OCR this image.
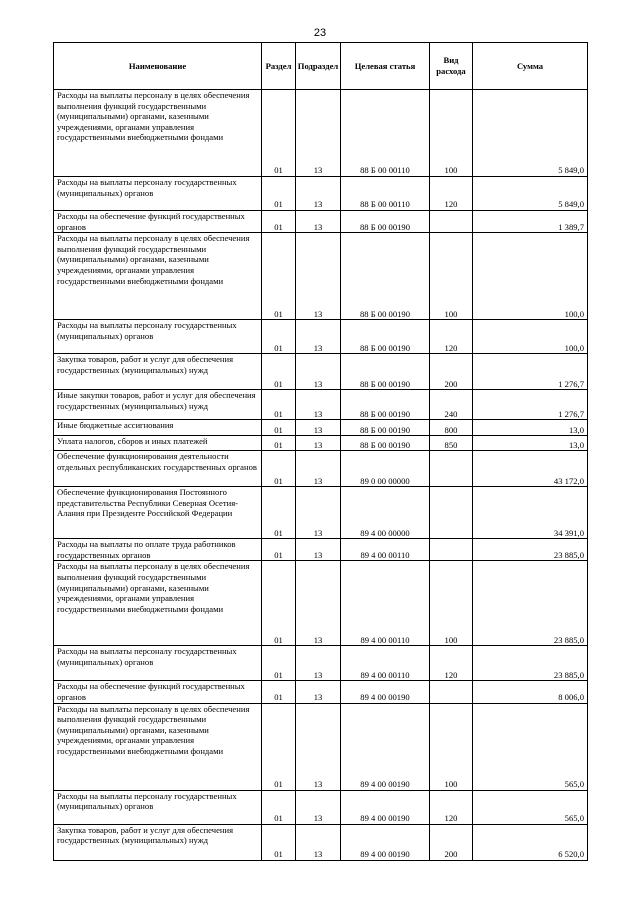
23
Наименование	Раздел	Подраздел	Целевая статья	Вид расхода	Сумма
Расходы на выплаты персоналу в целях обеспечения выполнения функций государственными (муниципальными) органами, казенными учреждениями, органами управления государственными внебюджетными фондами	01	13	88 Б 00 00110	100	5 849,0
Расходы на выплаты персоналу государственных (муниципальных) органов	01	13	88 Б 00 00110	120	5 849,0
Расходы на обеспечение функций государственных органов	01	13	88 Б 00 00190		1 389,7
Расходы на выплаты персоналу в целях обеспечения выполнения функций государственными (муниципальными) органами, казенными учреждениями, органами управления государственными внебюджетными фондами	01	13	88 Б 00 00190	100	100,0
Расходы на выплаты персоналу государственных (муниципальных) органов	01	13	88 Б 00 00190	120	100,0
Закупка товаров, работ и услуг для обеспечения государственных (муниципальных) нужд	01	13	88 Б 00 00190	200	1 276,7
Иные закупки товаров, работ и услуг для обеспечения государственных (муниципальных) нужд	01	13	88 Б 00 00190	240	1 276,7
Иные бюджетные ассигнования	01	13	88 Б 00 00190	800	13,0
Уплата налогов, сборов и иных платежей	01	13	88 Б 00 00190	850	13,0
Обеспечение функционирования деятельности отдельных республиканских государственных органов	01	13	89 0 00 00000		43 172,0
Обеспечение функционирования Постоянного представительства Республики Северная Осетия-Алания при Президенте Российской Федерации	01	13	89 4 00 00000		34 391,0
Расходы на выплаты по оплате труда работников государственных органов	01	13	89 4 00 00110		23 885,0
Расходы на выплаты персоналу в целях обеспечения выполнения функций государственными (муниципальными) органами, казенными учреждениями, органами управления государственными внебюджетными фондами	01	13	89 4 00 00110	100	23 885,0
Расходы на выплаты персоналу государственных (муниципальных) органов	01	13	89 4 00 00110	120	23 885,0
Расходы на обеспечение функций государственных органов	01	13	89 4 00 00190		8 006,0
Расходы на выплаты персоналу в целях обеспечения выполнения функций государственными (муниципальными) органами, казенными учреждениями, органами управления государственными внебюджетными фондами	01	13	89 4 00 00190	100	565,0
Расходы на выплаты персоналу государственных (муниципальных) органов	01	13	89 4 00 00190	120	565,0
Закупка товаров, работ и услуг для обеспечения государственных (муниципальных) нужд	01	13	89 4 00 00190	200	6 520,0
